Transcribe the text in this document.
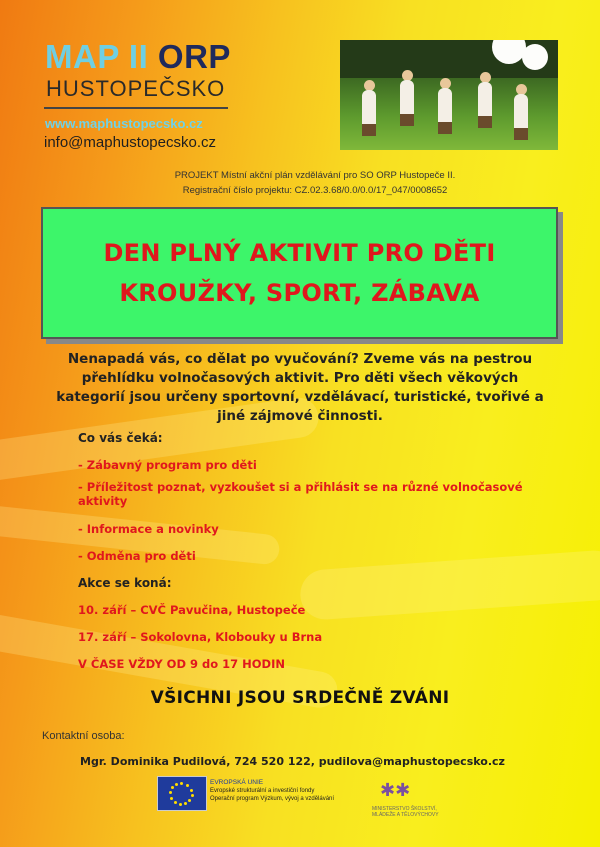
MAP II ORP
HUSTOPEČSKO
www.maphustopecsko.cz
info@maphustopecsko.cz
PROJEKT Místní akční plán vzdělávání pro SO ORP Hustopeče II.
Registrační číslo projektu: CZ.02.3.68/0.0/0.0/17_047/0008652
DEN PLNÝ AKTIVIT PRO DĚTI
KROUŽKY, SPORT, ZÁBAVA
Nenapadá vás, co dělat po vyučování? Zveme vás na pestrou přehlídku volnočasových aktivit. Pro děti všech věkových kategorií jsou určeny sportovní, vzdělávací, turistické, tvořivé a jiné zájmové činnosti.
Co vás čeká:
- Zábavný program pro děti
- Příležitost poznat, vyzkoušet si a přihlásit se na různé volnočasové aktivity
- Informace a novinky
- Odměna pro děti
Akce se koná:
10. září – CVČ Pavučina, Hustopeče
17. září – Sokolovna, Klobouky u Brna
V ČASE VŽDY OD 9 do 17 HODIN
VŠICHNI JSOU SRDEČNĚ ZVÁNI
Kontaktní osoba:
Mgr. Dominika Pudilová, 724 520 122, pudilova@maphustopecsko.cz
EVROPSKÁ UNIE
Evropské strukturální a investiční fondy
Operační program Výzkum, vývoj a vzdělávání	✱✱
MINISTERSTVO ŠKOLSTVÍ, MLÁDEŽE A TĚLOVÝCHOVY
